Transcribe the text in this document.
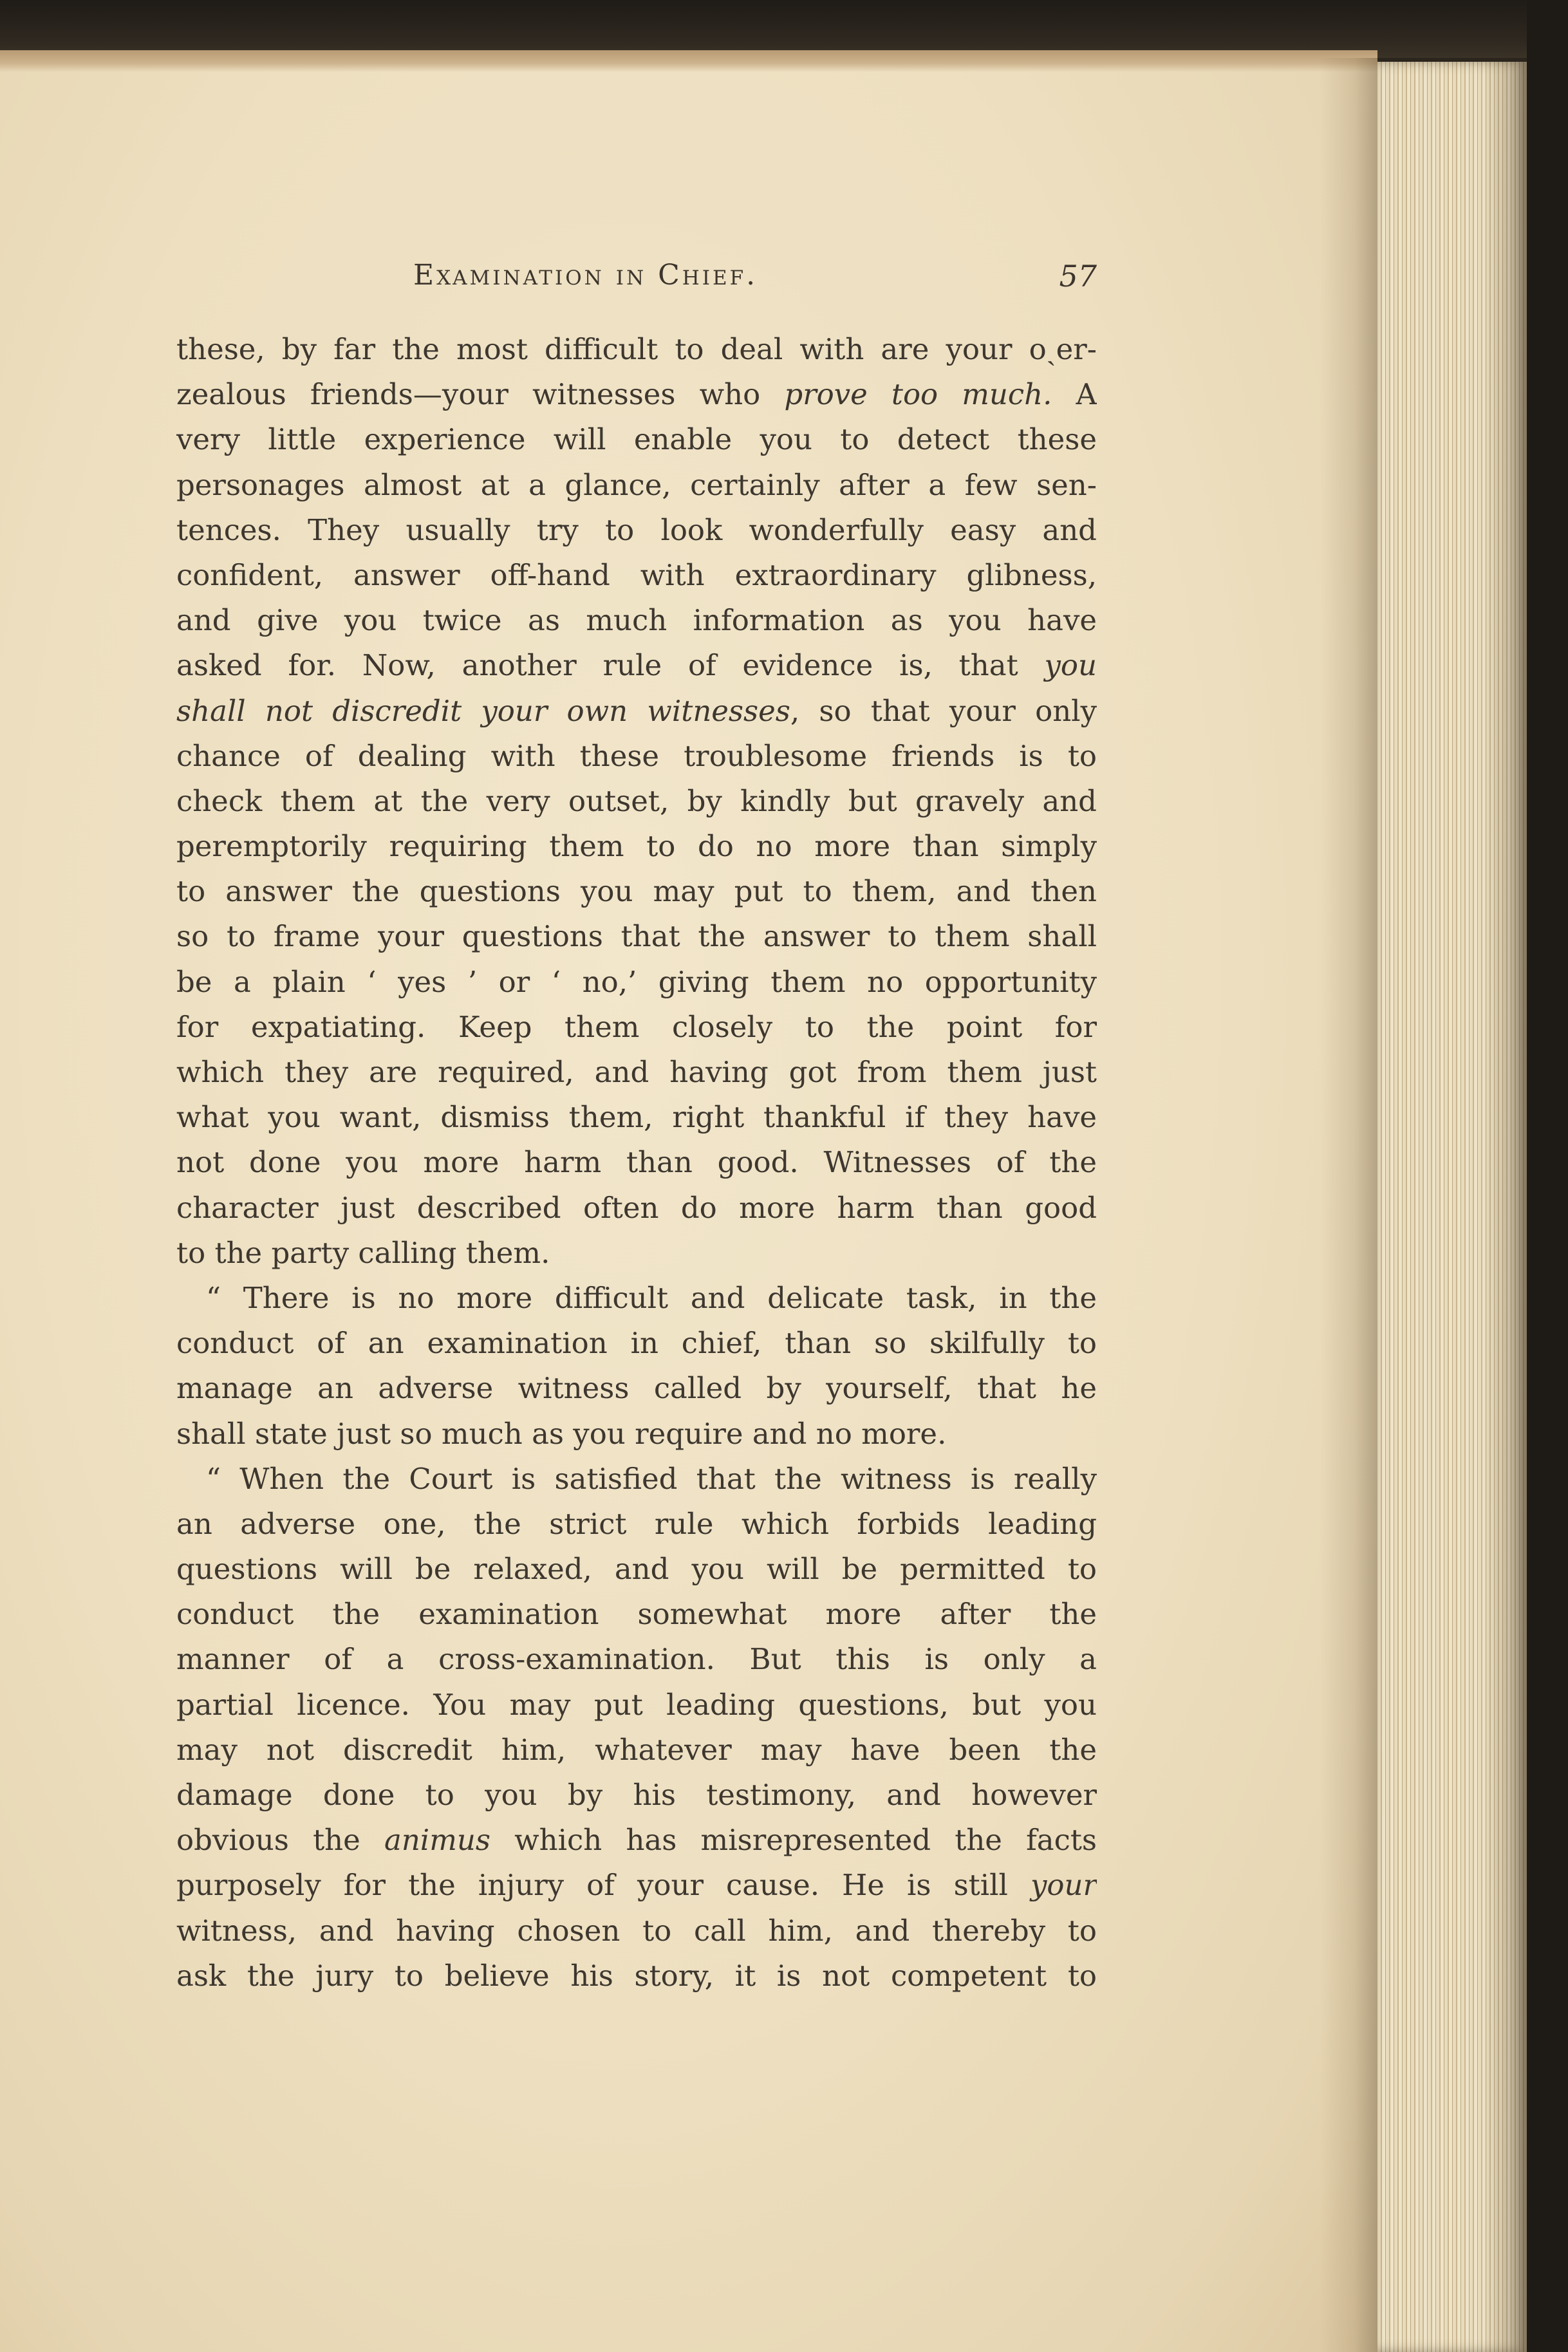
Examination in Chief.	57
these, by far the most difficult to deal with are your oˏer-
zealous friends—your witnesses who prove too much. A
very little experience will enable you to detect these
personages almost at a glance, certainly after a few sen-
tences. They usually try to look wonderfully easy and
confident, answer off-hand with extraordinary glibness,
and give you twice as much information as you have
asked for. Now, another rule of evidence is, that you
shall not discredit your own witnesses, so that your only
chance of dealing with these troublesome friends is to
check them at the very outset, by kindly but gravely and
peremptorily requiring them to do no more than simply
to answer the questions you may put to them, and then
so to frame your questions that the answer to them shall
be a plain ‘ yes ’ or ‘ no,’ giving them no opportunity
for expatiating. Keep them closely to the point for
which they are required, and having got from them just
what you want, dismiss them, right thankful if they have
not done you more harm than good. Witnesses of the
character just described often do more harm than good
to the party calling them.
“ There is no more difficult and delicate task, in the
conduct of an examination in chief, than so skilfully to
manage an adverse witness called by yourself, that he
shall state just so much as you require and no more.
“ When the Court is satisfied that the witness is really
an adverse one, the strict rule which forbids leading
questions will be relaxed, and you will be permitted to
conduct the examination somewhat more after the
manner of a cross-examination. But this is only a
partial licence. You may put leading questions, but you
may not discredit him, whatever may have been the
damage done to you by his testimony, and however
obvious the animus which has misrepresented the facts
purposely for the injury of your cause. He is still your
witness, and having chosen to call him, and thereby to
ask the jury to believe his story, it is not competent to
